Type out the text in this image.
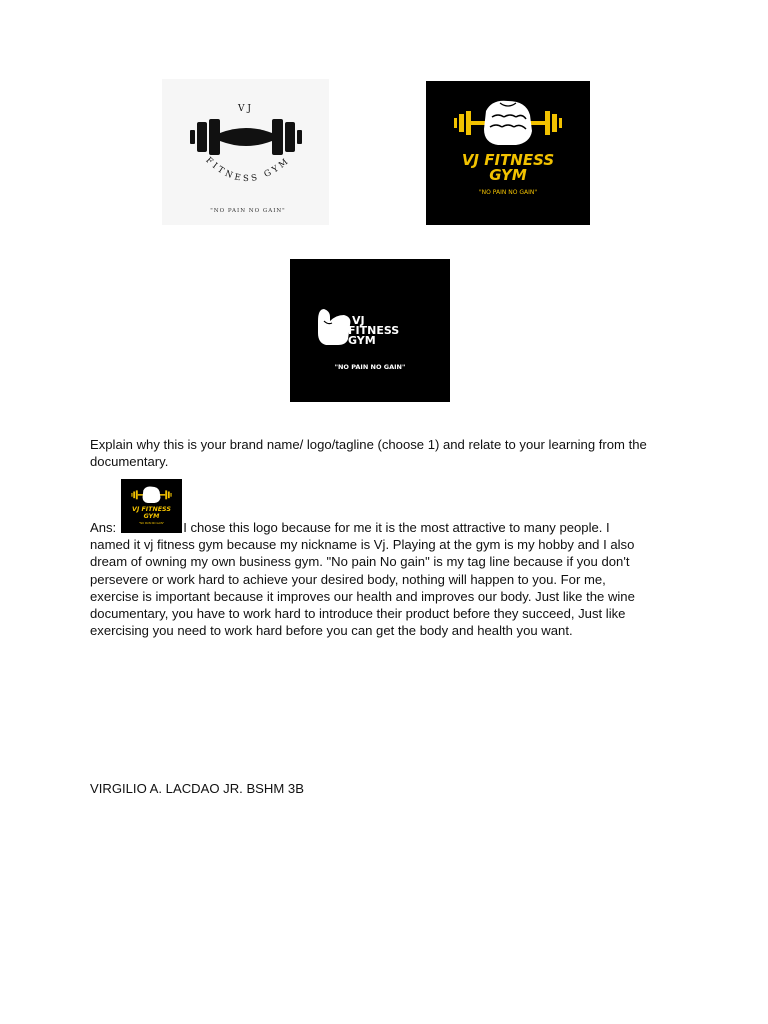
VJ
FITNESS GYM
"NO PAIN NO GAIN"
VJ FITNESS
GYM
"NO PAIN NO GAIN"
VJ
FITNESS
GYM
"NO PAIN NO GAIN"

Explain why this is your brand name/ logo/tagline (choose 1) and relate to your learning from the documentary.

VJ FITNESS
GYM
"NO PAIN NO GAIN"
Ans:	I chose this logo because for me it is the most attractive to many people. I
named it vj fitness gym because my nickname is Vj. Playing at the gym is my hobby and I also
dream of owning my own business gym. "No pain No gain" is my tag line because if you don't
persevere or work hard to achieve your desired body, nothing will happen to you. For me,
exercise is important because it improves our health and improves our body. Just like the wine
documentary, you have to work hard to introduce their product before they succeed, Just like
exercising you need to work hard before you can get the body and health you want.

VIRGILIO A. LACDAO JR. BSHM 3B
